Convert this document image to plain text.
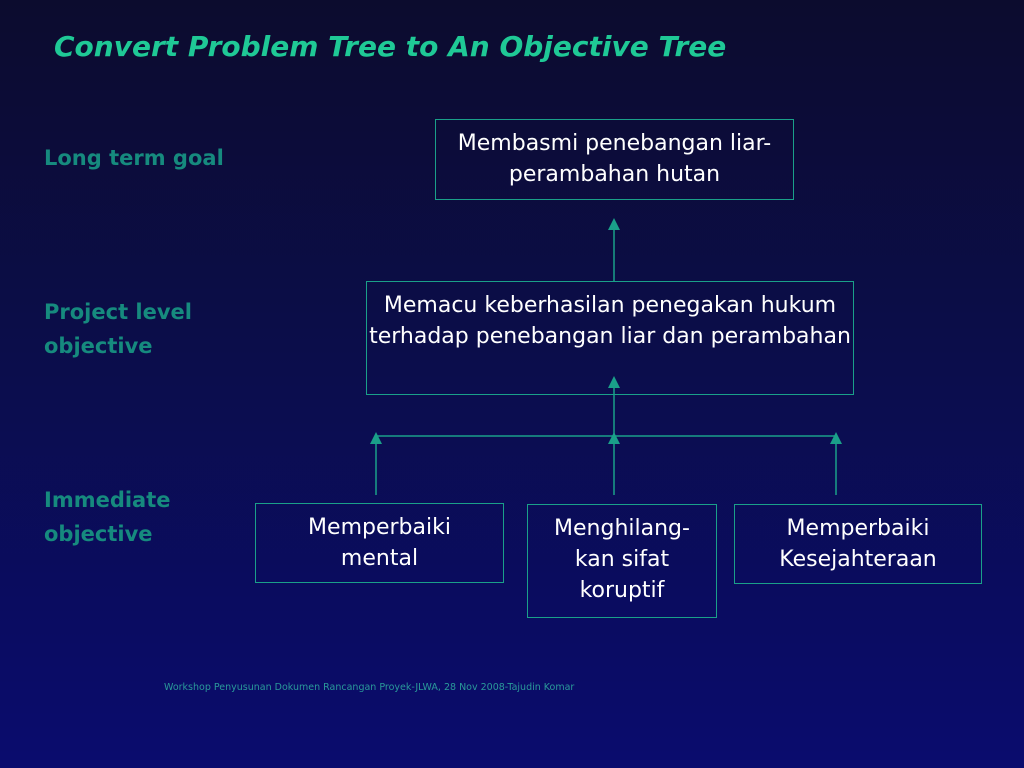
Convert Problem Tree to An Objective Tree
Long term goal
Project level objective
Immediate objective
Membasmi penebangan liar-perambahan hutan
Memacu keberhasilan penegakan hukum terhadap penebangan liar dan perambahan
Memperbaiki mental
Menghilang-kan sifat koruptif
Memperbaiki Kesejahteraan
Workshop Penyusunan Dokumen Rancangan Proyek-JLWA, 28 Nov 2008-Tajudin Komar
